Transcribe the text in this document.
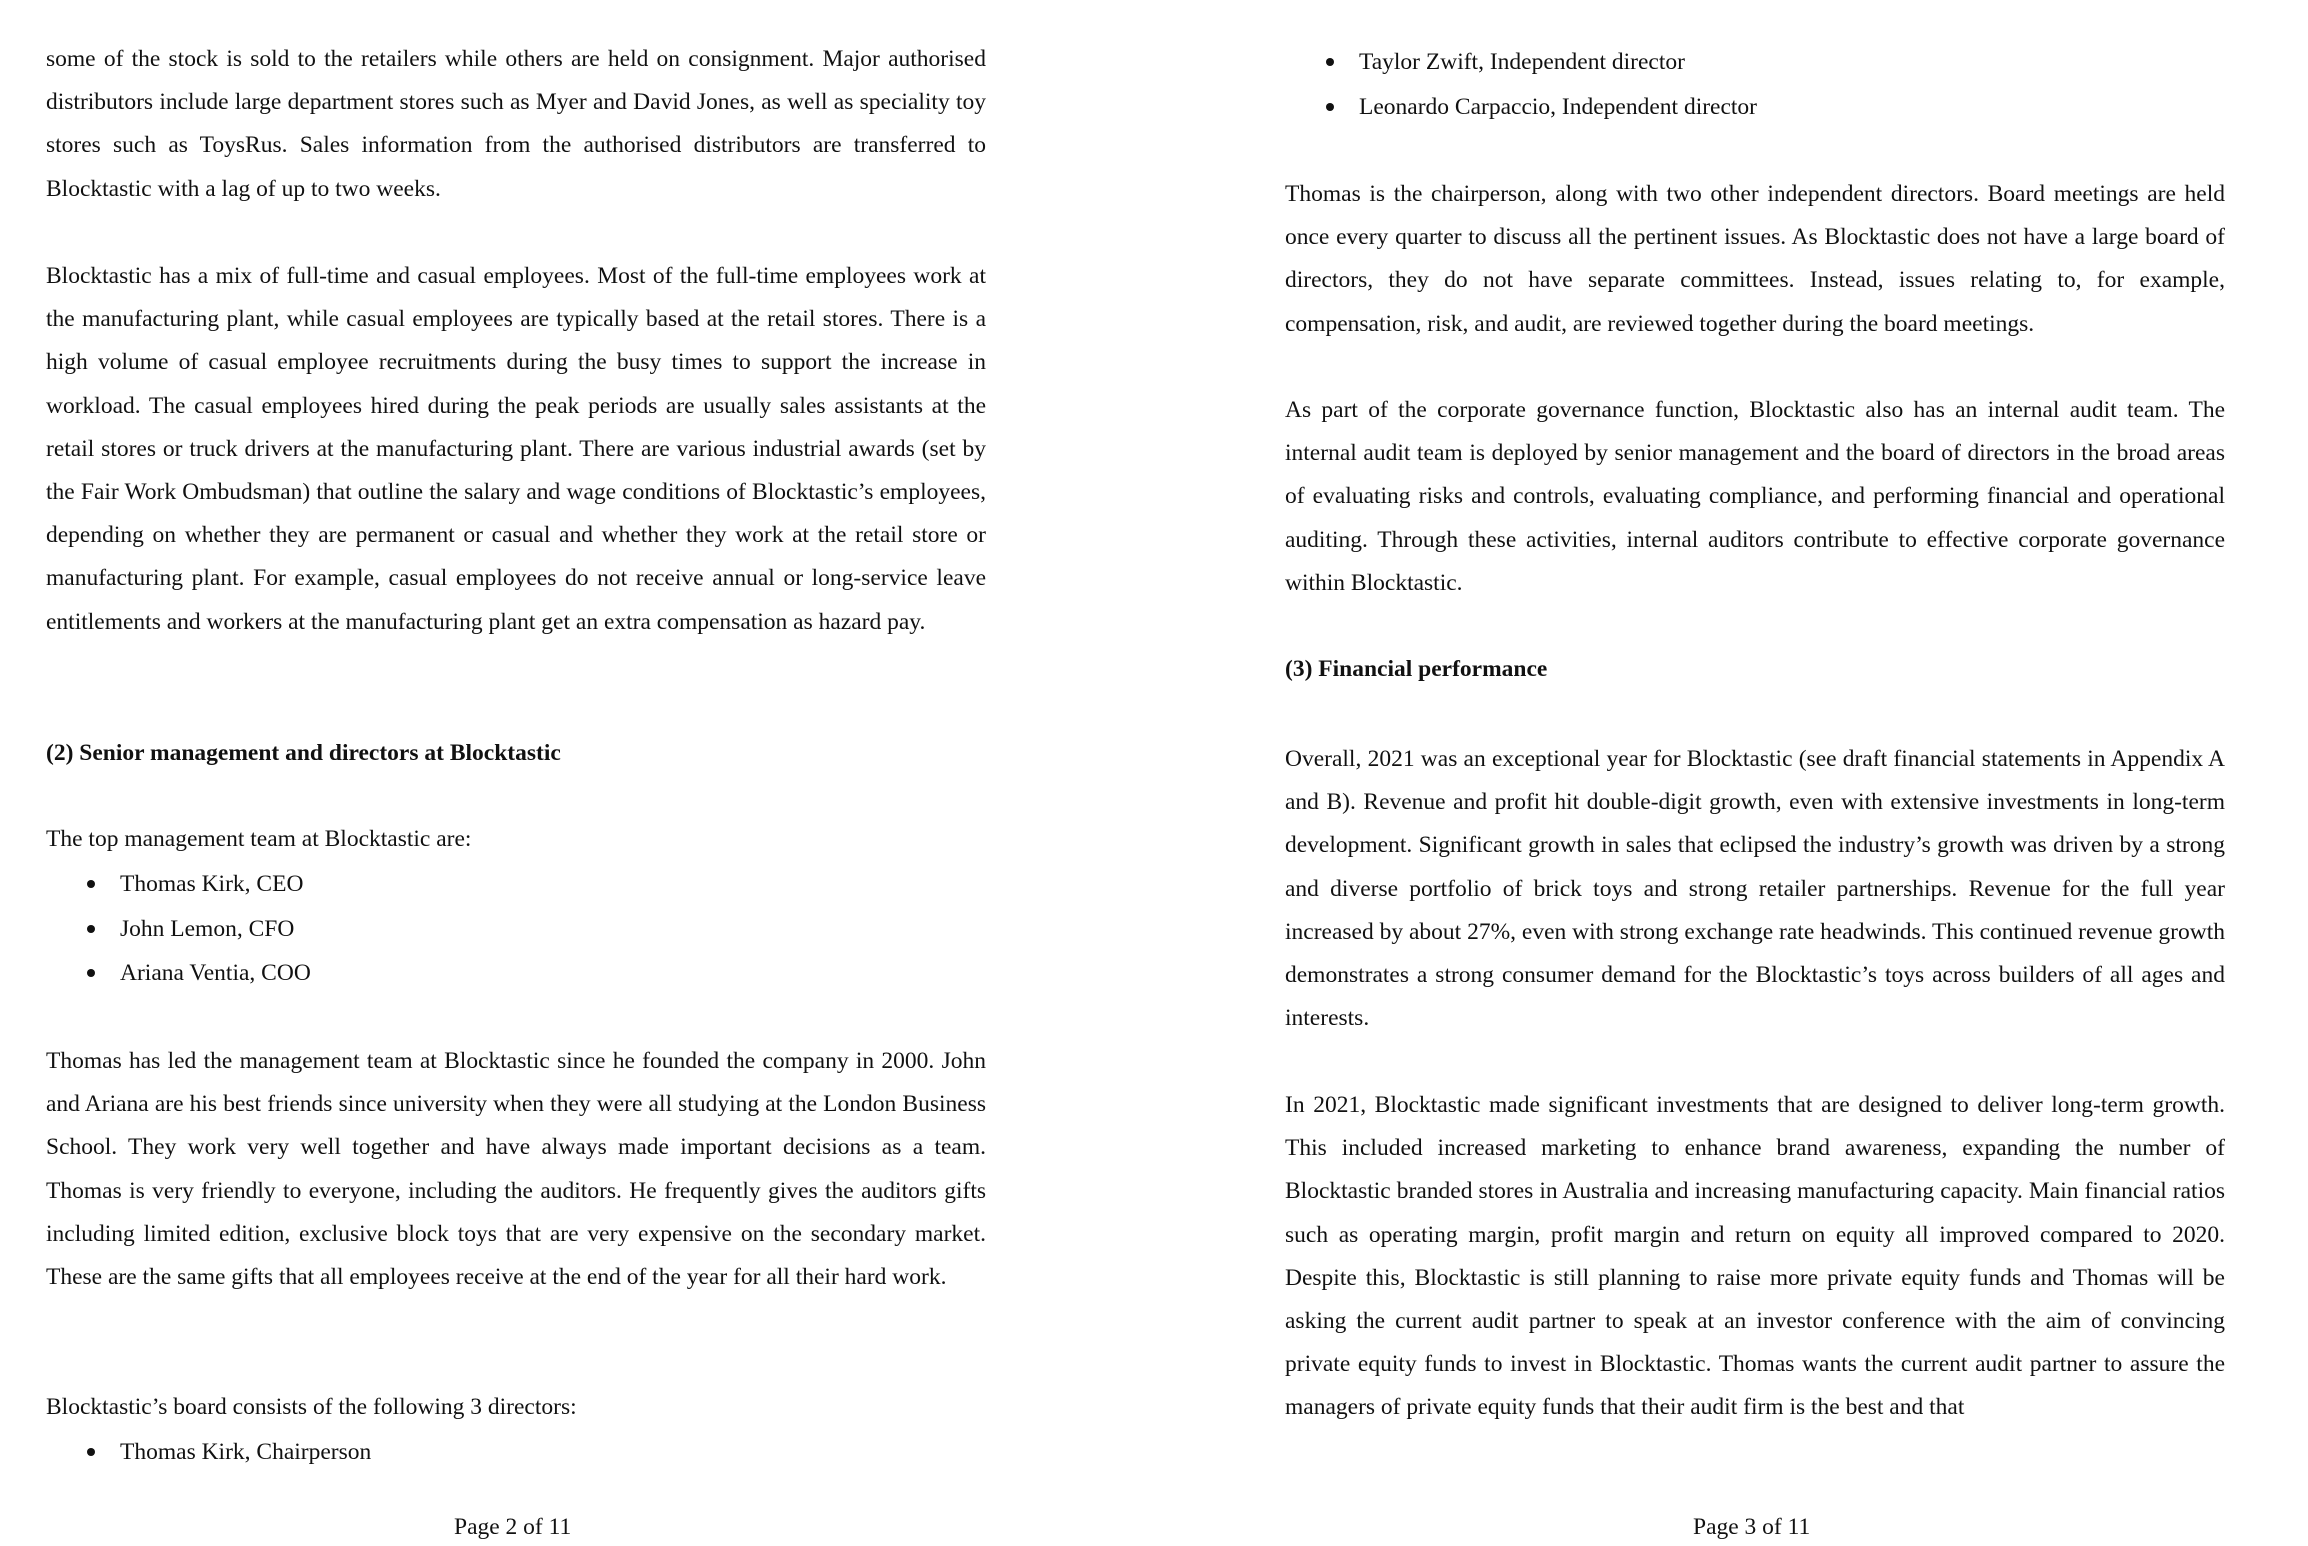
some of the stock is sold to the retailers while others are held on consignment. Major authorised distributors include large department stores such as Myer and David Jones, as well as speciality toy stores such as ToysRus. Sales information from the authorised distributors are transferred to Blocktastic with a lag of up to two weeks.

Blocktastic has a mix of full-time and casual employees. Most of the full-time employees work at the manufacturing plant, while casual employees are typically based at the retail stores. There is a high volume of casual employee recruitments during the busy times to support the increase in workload. The casual employees hired during the peak periods are usually sales assistants at the retail stores or truck drivers at the manufacturing plant. There are various industrial awards (set by the Fair Work Ombudsman) that outline the salary and wage conditions of Blocktastic’s employees, depending on whether they are permanent or casual and whether they work at the retail store or manufacturing plant. For example, casual employees do not receive annual or long-service leave entitlements and workers at the manufacturing plant get an extra compensation as hazard pay.

(2) Senior management and directors at Blocktastic

The top management team at Blocktastic are:

Thomas Kirk, CEO
John Lemon, CFO
Ariana Ventia, COO

Thomas has led the management team at Blocktastic since he founded the company in 2000. John and Ariana are his best friends since university when they were all studying at the London Business School. They work very well together and have always made important decisions as a team. Thomas is very friendly to everyone, including the auditors. He frequently gives the auditors gifts including limited edition, exclusive block toys that are very expensive on the secondary market. These are the same gifts that all employees receive at the end of the year for all their hard work.

Blocktastic’s board consists of the following 3 directors:

Thomas Kirk, Chairperson
Page 2 of 11
Taylor Zwift, Independent director
Leonardo Carpaccio, Independent director

Thomas is the chairperson, along with two other independent directors. Board meetings are held once every quarter to discuss all the pertinent issues. As Blocktastic does not have a large board of directors, they do not have separate committees. Instead, issues relating to, for example, compensation, risk, and audit, are reviewed together during the board meetings.

As part of the corporate governance function, Blocktastic also has an internal audit team. The internal audit team is deployed by senior management and the board of directors in the broad areas of evaluating risks and controls, evaluating compliance, and performing financial and operational auditing. Through these activities, internal auditors contribute to effective corporate governance within Blocktastic.

(3) Financial performance

Overall, 2021 was an exceptional year for Blocktastic (see draft financial statements in Appendix A and B). Revenue and profit hit double-digit growth, even with extensive investments in long-term development. Significant growth in sales that eclipsed the industry’s growth was driven by a strong and diverse portfolio of brick toys and strong retailer partnerships. Revenue for the full year increased by about 27%, even with strong exchange rate headwinds. This continued revenue growth demonstrates a strong consumer demand for the Blocktastic’s toys across builders of all ages and interests.

In 2021, Blocktastic made significant investments that are designed to deliver long-term growth. This included increased marketing to enhance brand awareness, expanding the number of Blocktastic branded stores in Australia and increasing manufacturing capacity. Main financial ratios such as operating margin, profit margin and return on equity all improved compared to 2020. Despite this, Blocktastic is still planning to raise more private equity funds and Thomas will be asking the current audit partner to speak at an investor conference with the aim of convincing private equity funds to invest in Blocktastic. Thomas wants the current audit partner to assure the managers of private equity funds that their audit firm is the best and that

Page 3 of 11
